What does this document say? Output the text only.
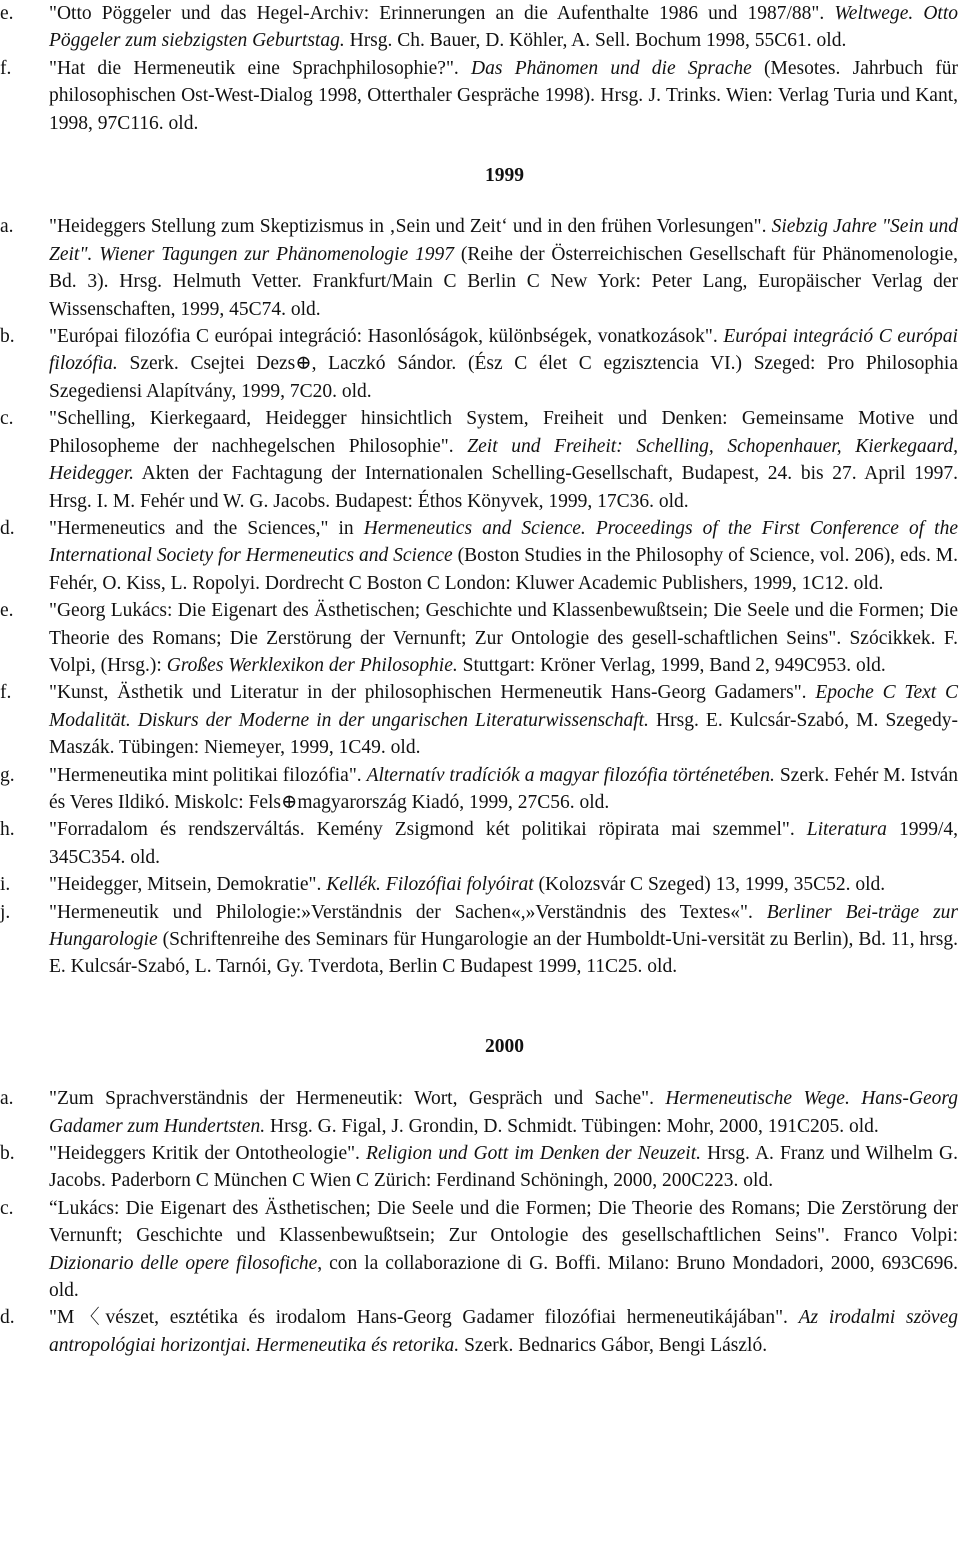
e. "Otto Pöggeler und das Hegel-Archiv: Erinnerungen an die Aufenthalte 1986 und 1987/88". Weltwege. Otto Pöggeler zum siebzigsten Geburtstag. Hrsg. Ch. Bauer, D. Köhler, A. Sell. Bochum 1998, 55C61. old.
f. "Hat die Hermeneutik eine Sprachphilosophie?". Das Phänomen und die Sprache (Mesotes. Jahrbuch für philosophischen Ost-West-Dialog 1998, Otterthaler Gespräche 1998). Hrsg. J. Trinks. Wien: Verlag Turia und Kant, 1998, 97C116. old.
1999
a. "Heideggers Stellung zum Skeptizismus in ‚Sein und Zeit‘ und in den frühen Vorlesungen". Siebzig Jahre "Sein und Zeit". Wiener Tagungen zur Phänomenologie 1997 (Reihe der Österreichischen Gesellschaft für Phänomenologie, Bd. 3). Hrsg. Helmuth Vetter. Frankfurt/Main C Berlin C New York: Peter Lang, Europäischer Verlag der Wissenschaften, 1999, 45C74. old.
b. "Európai filozófia C európai integráció: Hasonlóságok, különbségek, vonatkozások". Európai integráció C európai filozófia. Szerk. Csejtei Dezs⊕, Laczkó Sándor. (Ész C élet C egzisztencia VI.) Szeged: Pro Philosophia Szegediensi Alapítvány, 1999, 7C20. old.
c. "Schelling, Kierkegaard, Heidegger hinsichtlich System, Freiheit und Denken: Gemeinsame Motive und Philosopheme der nachhegelschen Philosophie". Zeit und Freiheit: Schelling, Schopenhauer, Kierkegaard, Heidegger. Akten der Fachtagung der Internationalen Schelling-Gesellschaft, Budapest, 24. bis 27. April 1997. Hrsg. I. M. Fehér und W. G. Jacobs. Budapest: Éthos Könyvek, 1999, 17C36. old.
d. "Hermeneutics and the Sciences," in Hermeneutics and Science. Proceedings of the First Conference of the International Society for Hermeneutics and Science (Boston Studies in the Philosophy of Science, vol. 206), eds. M. Fehér, O. Kiss, L. Ropolyi. Dordrecht C Boston C London: Kluwer Academic Publishers, 1999, 1C12. old.
e. "Georg Lukács: Die Eigenart des Ästhetischen; Geschichte und Klassenbewußtsein; Die Seele und die Formen; Die Theorie des Romans; Die Zerstörung der Vernunft; Zur Ontologie des gesell-schaftlichen Seins". Szócikkek. F. Volpi, (Hrsg.): Großes Werklexikon der Philosophie. Stuttgart: Kröner Verlag, 1999, Band 2, 949C953. old.
f. "Kunst, Ästhetik und Literatur in der philosophischen Hermeneutik Hans-Georg Gadamers". Epoche C Text C Modalität. Diskurs der Moderne in der ungarischen Literaturwissenschaft. Hrsg. E. Kulcsár-Szabó, M. Szegedy-Maszák. Tübingen: Niemeyer, 1999, 1C49. old.
g. "Hermeneutika mint politikai filozófia". Alternatív tradíciók a magyar filozófia történetében. Szerk. Fehér M. István és Veres Ildikó. Miskolc: Fels⊕magyarország Kiadó, 1999, 27C56. old.
h. "Forradalom és rendszerváltás. Kemény Zsigmond két politikai röpirata mai szemmel". Literatura 1999/4, 345C354. old.
i. "Heidegger, Mitsein, Demokratie". Kellék. Filozófiai folyóirat (Kolozsvár C Szeged) 13, 1999, 35C52. old.
j. "Hermeneutik und Philologie:»Verständnis der Sachen«,»Verständnis des Textes«". Berliner Bei-träge zur Hungarologie (Schriftenreihe des Seminars für Hungarologie an der Humboldt-Uni-versität zu Berlin), Bd. 11, hrsg. E. Kulcsár-Szabó, L. Tarnói, Gy. Tverdota, Berlin C Budapest 1999, 11C25. old.
2000
a. "Zum Sprachverständnis der Hermeneutik: Wort, Gespräch und Sache". Hermeneutische Wege. Hans-Georg Gadamer zum Hundertsten. Hrsg. G. Figal, J. Grondin, D. Schmidt. Tübingen: Mohr, 2000, 191C205. old.
b. "Heideggers Kritik der Ontotheologie". Religion und Gott im Denken der Neuzeit. Hrsg. A. Franz und Wilhelm G. Jacobs. Paderborn C München C Wien C Zürich: Ferdinand Schöningh, 2000, 200C223. old.
c. “Lukács: Die Eigenart des Ästhetischen; Die Seele und die Formen; Die Theorie des Romans; Die Zerstörung der Vernunft; Geschichte und Klassenbewußtsein; Zur Ontologie des gesellschaftlichen Seins". Franco Volpi: Dizionario delle opere filosofiche, con la collaborazione di G. Boffi. Milano: Bruno Mondadori, 2000, 693C696. old.
d. "M〈vészet, esztétika és irodalom Hans-Georg Gadamer filozófiai hermeneutikájában". Az irodalmi szöveg antropológiai horizontjai. Hermeneutika és retorika. Szerk. Bednarics Gábor, Bengi László.
